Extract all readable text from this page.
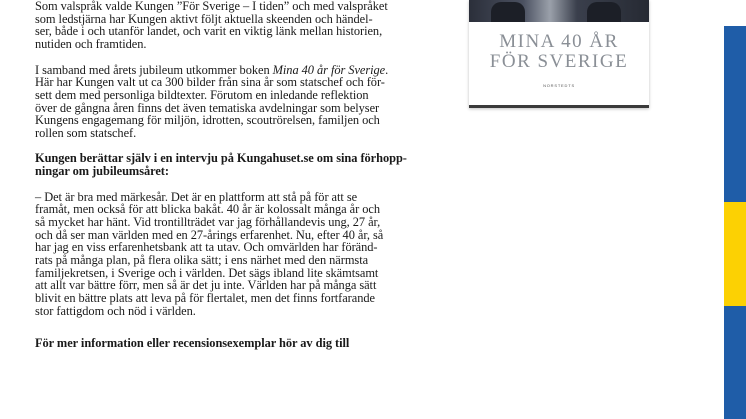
Som valspråk valde Kungen ”För Sverige – I tiden” och med valspråket
som ledstjärna har Kungen aktivt följt aktuella skeenden och händel-
ser, både i och utanför landet, och varit en viktig länk mellan historien,
nutiden och framtiden.

I samband med årets jubileum utkommer boken Mina 40 år för Sverige.
Här har Kungen valt ut ca 300 bilder från sina år som statschef och för-
sett dem med personliga bildtexter. Förutom en inledande reflektion
över de gångna åren finns det även tematiska avdelningar som belyser
Kungens engagemang för miljön, idrotten, scoutrörelsen, familjen och
rollen som statschef.

Kungen berättar själv i en intervju på Kungahuset.se om sina förhopp-
ningar om jubileumsåret:

– Det är bra med märkesår. Det är en plattform att stå på för att se
framåt, men också för att blicka bakåt. 40 år är kolossalt många år och
så mycket har hänt. Vid trontillträdet var jag förhållandevis ung, 27 år,
och då ser man världen med en 27-årings erfarenhet. Nu, efter 40 år, så
har jag en viss erfarenhetsbank att ta utav. Och omvärlden har föränd-
rats på många plan, på flera olika sätt; i ens närhet med den närmsta
familjekretsen, i Sverige och i världen. Det sägs ibland lite skämtsamt
att allt var bättre förr, men så är det ju inte. Världen har på många sätt
blivit en bättre plats att leva på för flertalet, men det finns fortfarande
stor fattigdom och nöd i världen.

För mer information eller recensionsexemplar hör av dig till

MINA 40 ÅR
FÖR SVERIGE
NORSTEDTS
